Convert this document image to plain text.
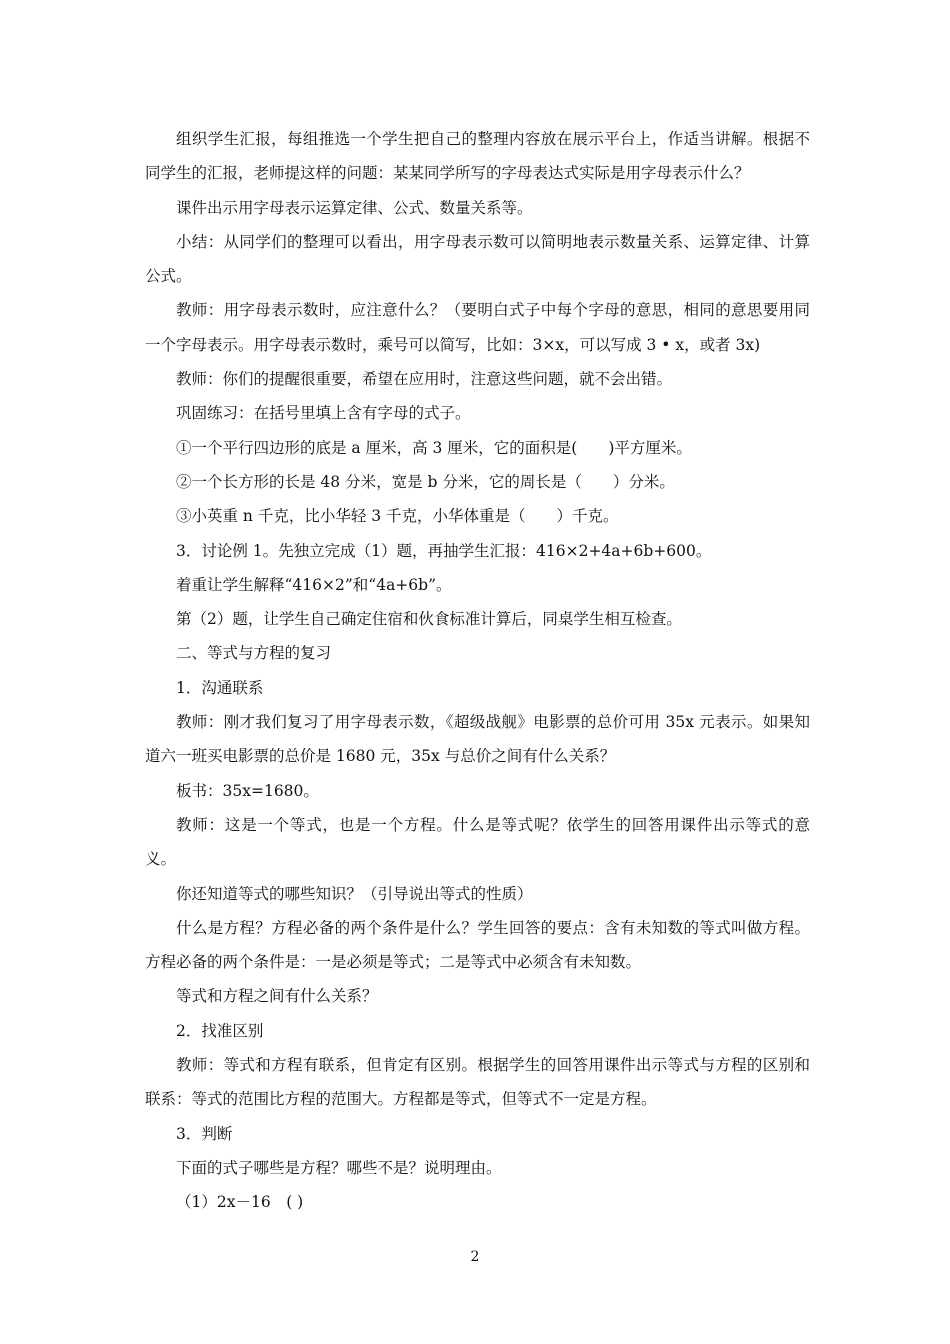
组织学生汇报，每组推选一个学生把自己的整理内容放在展示平台上，作适当讲解。根据不同学生的汇报，老师提这样的问题：某某同学所写的字母表达式实际是用字母表示什么？

课件出示用字母表示运算定律、公式、数量关系等。

小结：从同学们的整理可以看出，用字母表示数可以简明地表示数量关系、运算定律、计算公式。

教师：用字母表示数时，应注意什么？（要明白式子中每个字母的意思，相同的意思要用同一个字母表示。用字母表示数时，乘号可以简写，比如：3×x，可以写成 3 • x，或者 3x)

教师：你们的提醒很重要，希望在应用时，注意这些问题，就不会出错。

巩固练习：在括号里填上含有字母的式子。

①一个平行四边形的底是 a 厘米，高 3 厘米，它的面积是(　　)平方厘米。

②一个长方形的长是 48 分米，宽是 b 分米，它的周长是（　　）分米。

③小英重 n 千克，比小华轻 3 千克，小华体重是（　　）千克。

3．讨论例 1。先独立完成（1）题，再抽学生汇报：416×2+4a+6b+600。

着重让学生解释“416×2”和“4a+6b”。

第（2）题，让学生自己确定住宿和伙食标准计算后，同桌学生相互检查。

二、等式与方程的复习

1．沟通联系

教师：刚才我们复习了用字母表示数，《超级战舰》电影票的总价可用 35x 元表示。如果知道六一班买电影票的总价是 1680 元，35x 与总价之间有什么关系？

板书：35x=1680。

教师：这是一个等式，也是一个方程。什么是等式呢？依学生的回答用课件出示等式的意义。

你还知道等式的哪些知识？（引导说出等式的性质）

什么是方程？方程必备的两个条件是什么？学生回答的要点：含有未知数的等式叫做方程。方程必备的两个条件是：一是必须是等式；二是等式中必须含有未知数。

等式和方程之间有什么关系？

2．找准区别

教师：等式和方程有联系，但肯定有区别。根据学生的回答用课件出示等式与方程的区别和联系：等式的范围比方程的范围大。方程都是等式，但等式不一定是方程。

3．判断

下面的式子哪些是方程？哪些不是？说明理由。

（1）2x－16　( )

2
